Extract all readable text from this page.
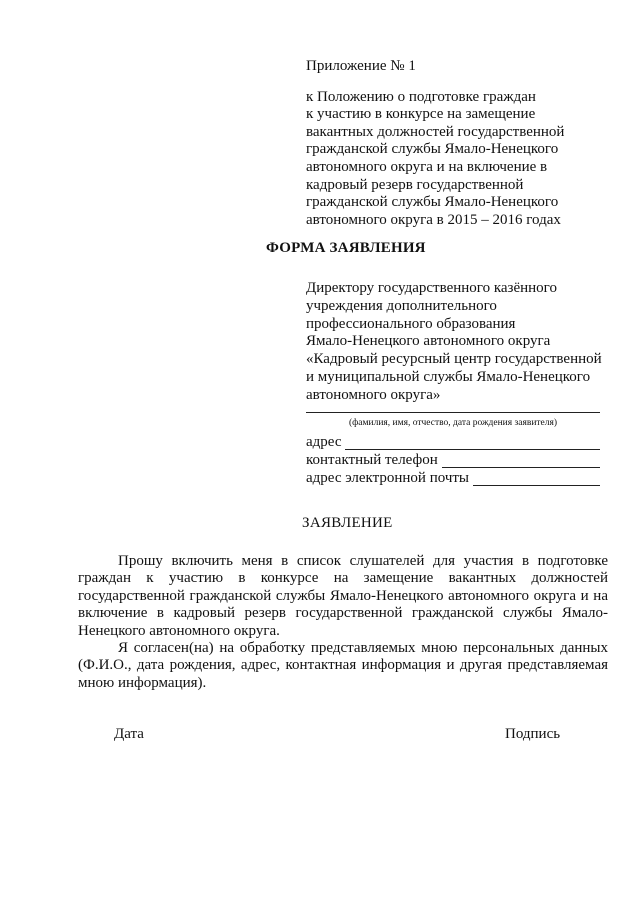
Приложение № 1
к Положению о подготовке граждан
к участию в конкурсе на замещение
вакантных должностей государственной
гражданской службы Ямало-Ненецкого
автономного округа и на включение в
кадровый резерв государственной
гражданской службы Ямало-Ненецкого
автономного округа в 2015 – 2016 годах
ФОРМА ЗАЯВЛЕНИЯ
Директору государственного казённого
учреждения дополнительного
профессионального образования
Ямало-Ненецкого автономного округа
«Кадровый ресурсный центр государственной
и муниципальной службы Ямало-Ненецкого
автономного округа»
(фамилия, имя, отчество, дата рождения заявителя)
адрес
контактный телефон
адрес электронной почты
ЗАЯВЛЕНИЕ

Прошу включить меня в список слушателей для участия в подготовке граждан к участию в конкурсе на замещение вакантных должностей государственной гражданской службы Ямало-Ненецкого автономного округа и на включение в кадровый резерв государственной гражданской службы Ямало-Ненецкого автономного округа.

Я согласен(на) на обработку представляемых мною персональных данных (Ф.И.О., дата рождения, адрес, контактная информация и другая представляемая мною информация).

Дата	Подпись
